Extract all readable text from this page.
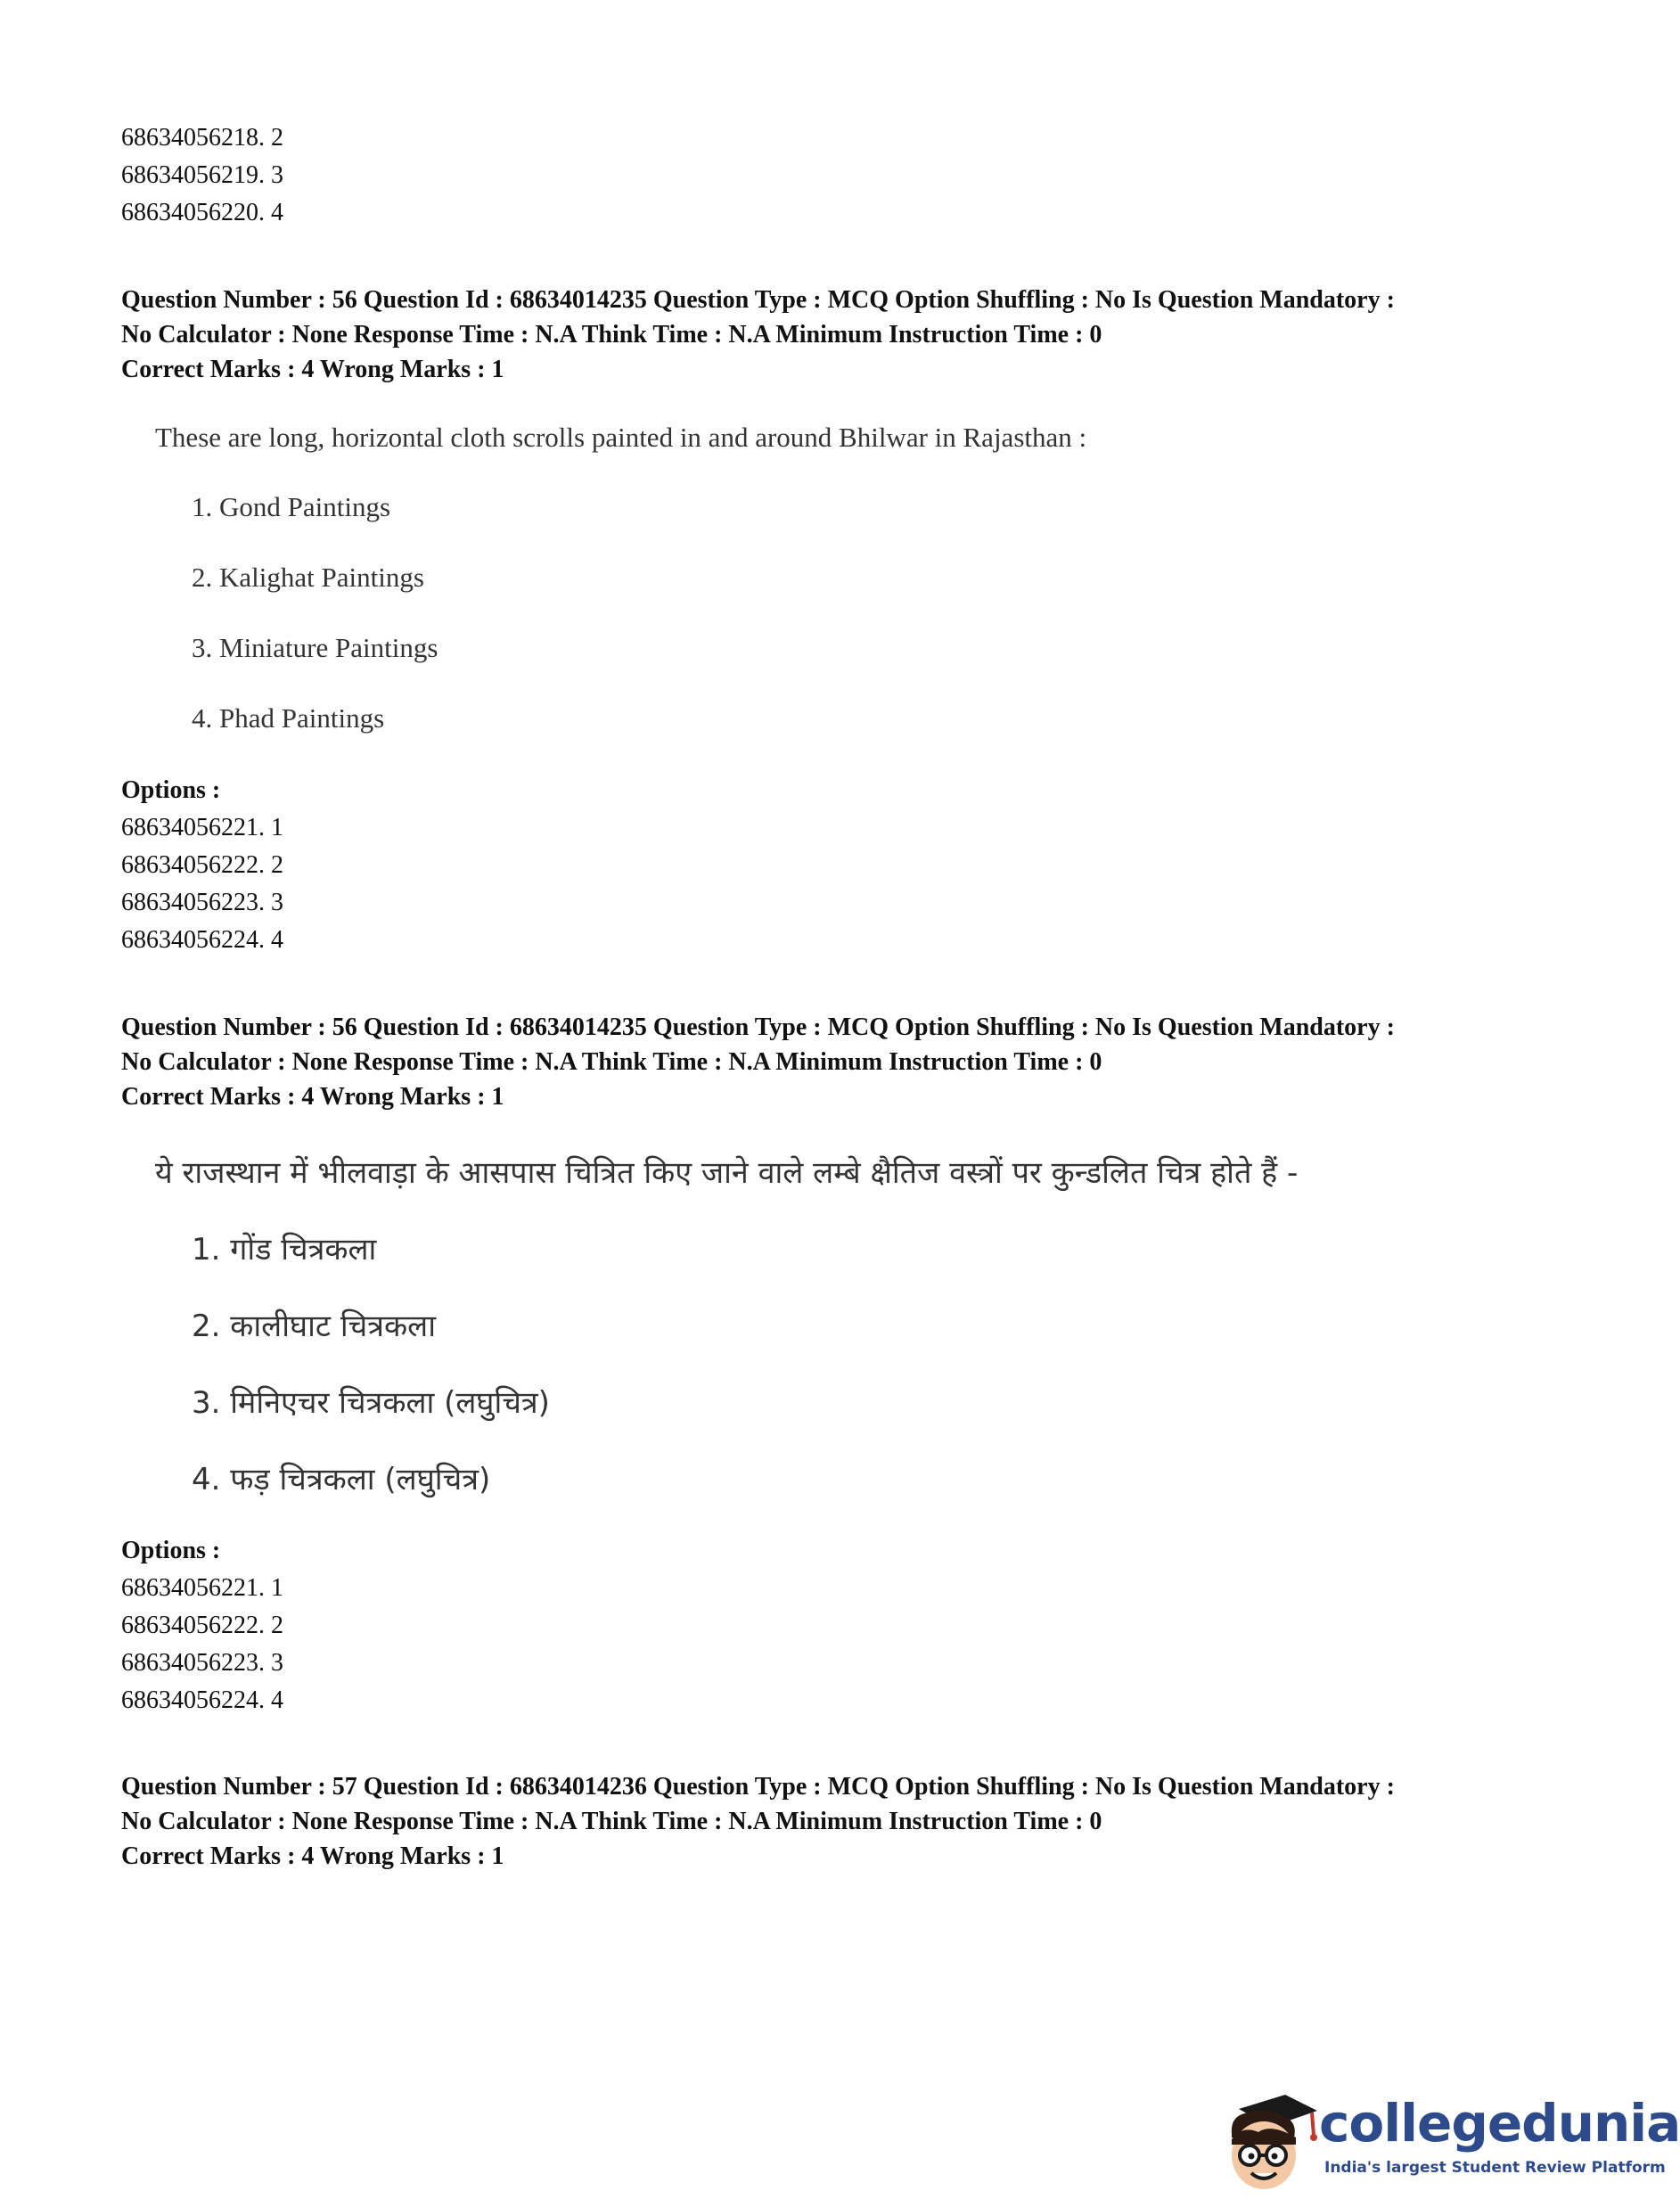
68634056218. 2
68634056219. 3
68634056220. 4
Question Number : 56 Question Id : 68634014235 Question Type : MCQ Option Shuffling : No Is Question Mandatory :
No Calculator : None Response Time : N.A Think Time : N.A Minimum Instruction Time : 0
Correct Marks : 4 Wrong Marks : 1
These are long, horizontal cloth scrolls painted in and around Bhilwar in Rajasthan :
1. Gond Paintings
2. Kalighat Paintings
3. Miniature Paintings
4. Phad Paintings
Options :
68634056221. 1
68634056222. 2
68634056223. 3
68634056224. 4
Question Number : 56 Question Id : 68634014235 Question Type : MCQ Option Shuffling : No Is Question Mandatory :
No Calculator : None Response Time : N.A Think Time : N.A Minimum Instruction Time : 0
Correct Marks : 4 Wrong Marks : 1
ये राजस्थान में भीलवाड़ा के आसपास चित्रित किए जाने वाले लम्बे क्षैतिज वस्त्रों पर कुन्डलित चित्र होते हैं -
1. गोंड चित्रकला
2. कालीघाट चित्रकला
3. मिनिएचर चित्रकला (लघुचित्र)
4. फड़ चित्रकला (लघुचित्र)
Options :
68634056221. 1
68634056222. 2
68634056223. 3
68634056224. 4
Question Number : 57 Question Id : 68634014236 Question Type : MCQ Option Shuffling : No Is Question Mandatory :
No Calculator : None Response Time : N.A Think Time : N.A Minimum Instruction Time : 0
Correct Marks : 4 Wrong Marks : 1
collegedunia
India's largest Student Review Platform
